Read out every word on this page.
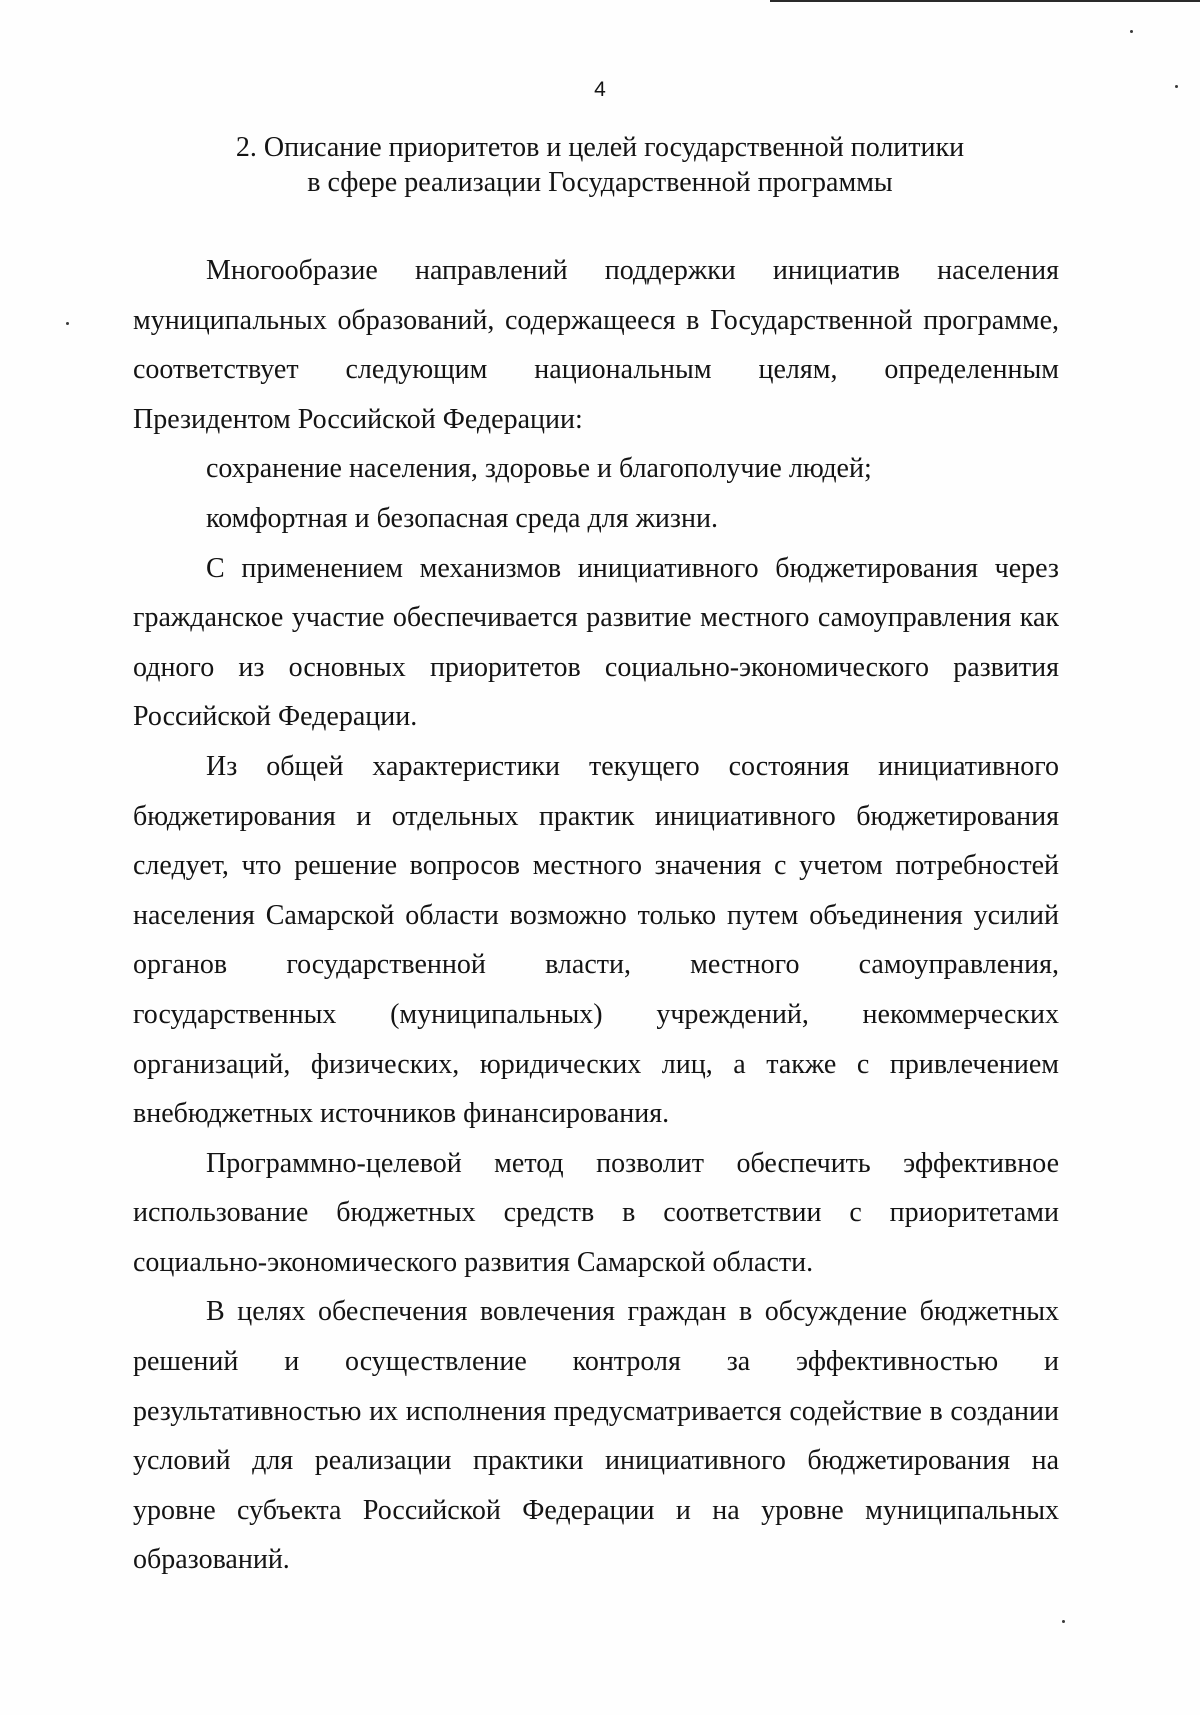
4
2. Описание приоритетов и целей государственной политики
в сфере реализации Государственной программы

Многообразие направлений поддержки инициатив населения муниципальных образований, содержащееся в Государственной программе, соответствует следующим национальным целям, определенным Президентом Российской Федерации:

сохранение населения, здоровье и благополучие людей;

комфортная и безопасная среда для жизни.

С применением механизмов инициативного бюджетирования через гражданское участие обеспечивается развитие местного самоуправления как одного из основных приоритетов социально-экономического развития Российской Федерации.

Из общей характеристики текущего состояния инициативного бюджетирования и отдельных практик инициативного бюджетирования следует, что решение вопросов местного значения с учетом потребностей населения Самарской области возможно только путем объединения усилий органов государственной власти, местного самоуправления, государственных (муниципальных) учреждений, некоммерческих организаций, физических, юридических лиц, а также с привлечением внебюджетных источников финансирования.

Программно-целевой метод позволит обеспечить эффективное использование бюджетных средств в соответствии с приоритетами социально-экономического развития Самарской области.

В целях обеспечения вовлечения граждан в обсуждение бюджетных решений и осуществление контроля за эффективностью и результативностью их исполнения предусматривается содействие в создании условий для реализации практики инициативного бюджетирования на уровне субъекта Российской Федерации и на уровне муниципальных образований.
